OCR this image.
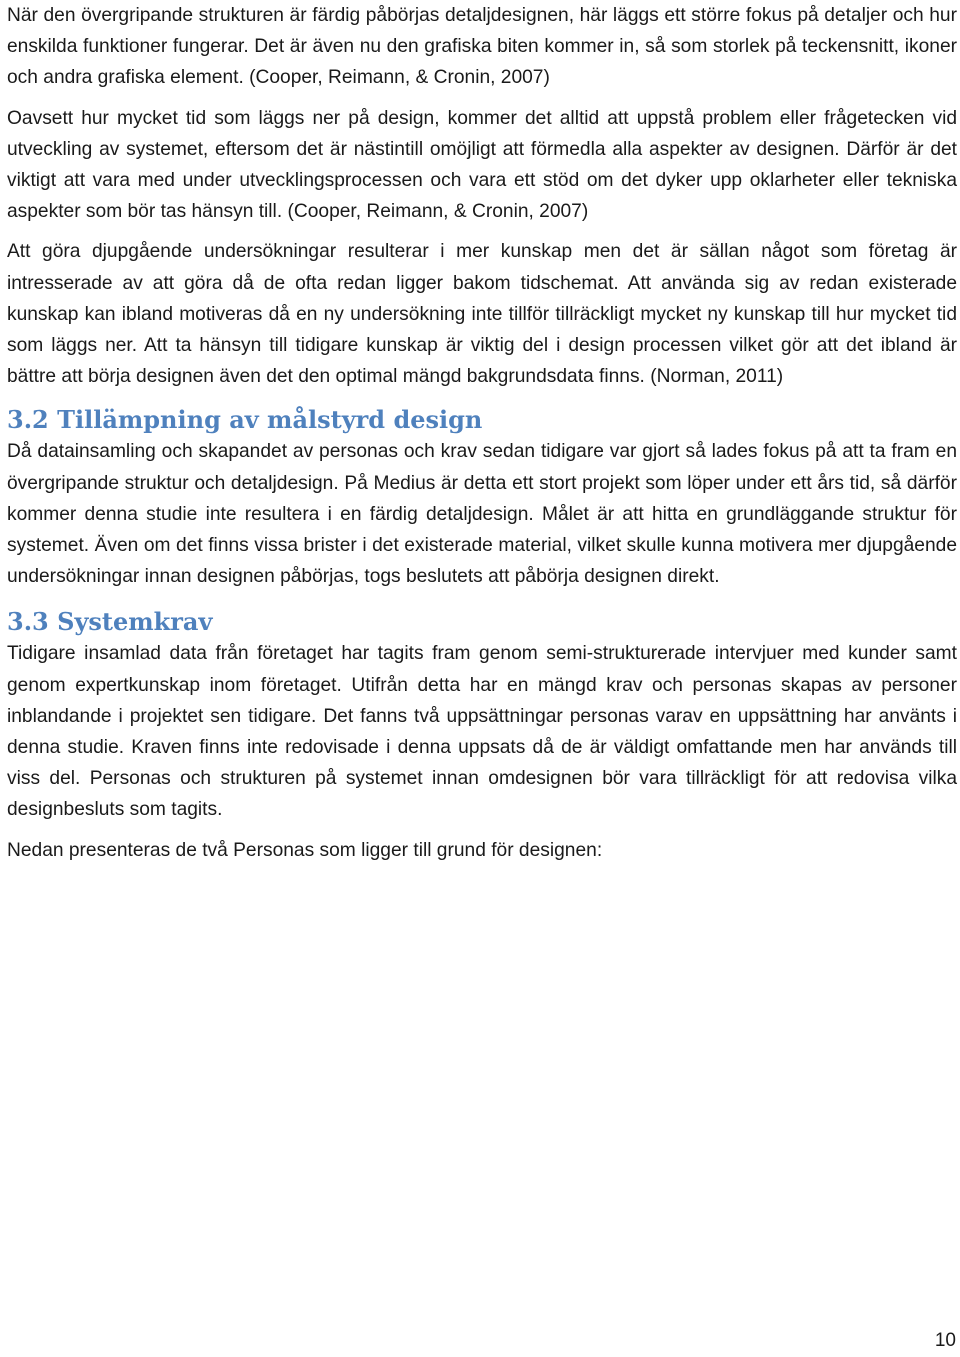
När den övergripande strukturen är färdig påbörjas detaljdesignen, här läggs ett större fokus på detaljer och hur enskilda funktioner fungerar. Det är även nu den grafiska biten kommer in, så som storlek på teckensnitt, ikoner och andra grafiska element. (Cooper, Reimann, & Cronin, 2007)

Oavsett hur mycket tid som läggs ner på design, kommer det alltid att uppstå problem eller frågetecken vid utveckling av systemet, eftersom det är nästintill omöjligt att förmedla alla aspekter av designen. Därför är det viktigt att vara med under utvecklingsprocessen och vara ett stöd om det dyker upp oklarheter eller tekniska aspekter som bör tas hänsyn till. (Cooper, Reimann, & Cronin, 2007)

Att göra djupgående undersökningar resulterar i mer kunskap men det är sällan något som företag är intresserade av att göra då de ofta redan ligger bakom tidschemat. Att använda sig av redan existerade kunskap kan ibland motiveras då en ny undersökning inte tillför tillräckligt mycket ny kunskap till hur mycket tid som läggs ner. Att ta hänsyn till tidigare kunskap är viktig del i design processen vilket gör att det ibland är bättre att börja designen även det den optimal mängd bakgrundsdata finns. (Norman, 2011)

3.2 Tillämpning av målstyrd design

Då datainsamling och skapandet av personas och krav sedan tidigare var gjort så lades fokus på att ta fram en övergripande struktur och detaljdesign. På Medius är detta ett stort projekt som löper under ett års tid, så därför kommer denna studie inte resultera i en färdig detaljdesign. Målet är att hitta en grundläggande struktur för systemet. Även om det finns vissa brister i det existerade material, vilket skulle kunna motivera mer djupgående undersökningar innan designen påbörjas, togs beslutets att påbörja designen direkt.

3.3 Systemkrav

Tidigare insamlad data från företaget har tagits fram genom semi-strukturerade intervjuer med kunder samt genom expertkunskap inom företaget. Utifrån detta har en mängd krav och personas skapas av personer inblandande i projektet sen tidigare. Det fanns två uppsättningar personas varav en uppsättning har använts i denna studie. Kraven finns inte redovisade i denna uppsats då de är väldigt omfattande men har används till viss del. Personas och strukturen på systemet innan omdesignen bör vara tillräckligt för att redovisa vilka designbesluts som tagits.

Nedan presenteras de två Personas som ligger till grund för designen:

10
